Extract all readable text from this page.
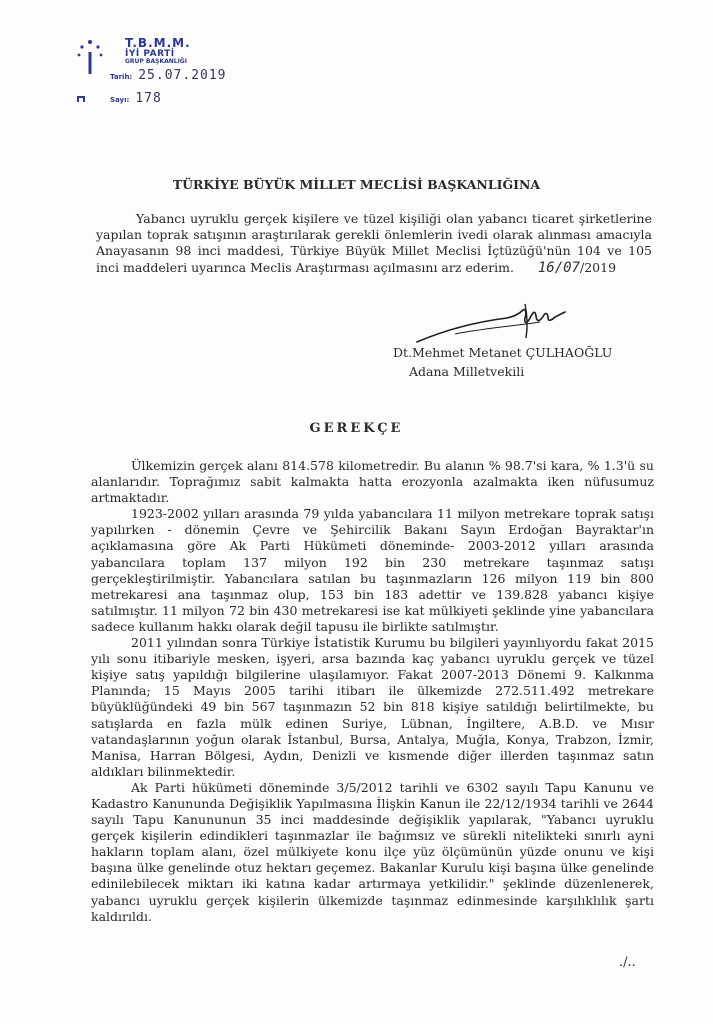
T.B.M.M.
İYİ PARTİ
GRUP BAŞKANLIĞI
Tarih: 25.07.2019
Sayı: 178
TÜRKİYE BÜYÜK MİLLET MECLİSİ BAŞKANLIĞINA

Yabancı uyruklu gerçek kişilere ve tüzel kişiliği olan yabancı ticaret şirketlerine yapılan toprak satışının araştırılarak gerekli önlemlerin ivedi olarak alınması amacıyla Anayasanın 98 inci maddesi, Türkiye Büyük Millet Meclisi İçtüzüğü'nün 104 ve 105 inci maddeleri uyarınca Meclis Araştırması açılmasını arz ederim. 16/07/2019

Dt.Mehmet Metanet ÇULHAOĞLU
Adana Milletvekili
GEREKÇE

Ülkemizin gerçek alanı 814.578 kilometredir. Bu alanın % 98.7'si kara, % 1.3'ü su alanlarıdır. Toprağımız sabit kalmakta hatta erozyonla azalmakta iken nüfusumuz artmaktadır.

1923-2002 yılları arasında 79 yılda yabancılara 11 milyon metrekare toprak satışı yapılırken - dönemin Çevre ve Şehircilik Bakanı Sayın Erdoğan Bayraktar'ın açıklamasına göre Ak Parti Hükümeti döneminde- 2003-2012 yılları arasında yabancılara toplam 137 milyon 192 bin 230 metrekare taşınmaz satışı gerçekleştirilmiştir. Yabancılara satılan bu taşınmazların 126 milyon 119 bin 800 metrekaresi ana taşınmaz olup, 153 bin 183 adettir ve 139.828 yabancı kişiye satılmıştır. 11 milyon 72 bin 430 metrekaresi ise kat mülkiyeti şeklinde yine yabancılara sadece kullanım hakkı olarak değil tapusu ile birlikte satılmıştır.

2011 yılından sonra Türkiye İstatistik Kurumu bu bilgileri yayınlıyordu fakat 2015 yılı sonu itibariyle mesken, işyeri, arsa bazında kaç yabancı uyruklu gerçek ve tüzel kişiye satış yapıldığı bilgilerine ulaşılamıyor. Fakat 2007-2013 Dönemi 9. Kalkınma Planında; 15 Mayıs 2005 tarihi itibarı ile ülkemizde 272.511.492 metrekare büyüklüğündeki 49 bin 567 taşınmazın 52 bin 818 kişiye satıldığı belirtilmekte, bu satışlarda en fazla mülk edinen Suriye, Lübnan, İngiltere, A.B.D. ve Mısır vatandaşlarının yoğun olarak İstanbul, Bursa, Antalya, Muğla, Konya, Trabzon, İzmir, Manisa, Harran Bölgesi, Aydın, Denizli ve kısmende diğer illerden taşınmaz satın aldıkları bilinmektedir.

Ak Parti hükümeti döneminde 3/5/2012 tarihli ve 6302 sayılı Tapu Kanunu ve Kadastro Kanununda Değişiklik Yapılmasına İlişkin Kanun ile 22/12/1934 tarihli ve 2644 sayılı Tapu Kanununun 35 inci maddesinde değişiklik yapılarak, "Yabancı uyruklu gerçek kişilerin edindikleri taşınmazlar ile bağımsız ve sürekli nitelikteki sınırlı ayni hakların toplam alanı, özel mülkiyete konu ilçe yüz ölçümünün yüzde onunu ve kişi başına ülke genelinde otuz hektarı geçemez. Bakanlar Kurulu kişi başına ülke genelinde edinilebilecek miktarı iki katına kadar artırmaya yetkilidir." şeklinde düzenlenerek, yabancı uyruklu gerçek kişilerin ülkemizde taşınmaz edinmesinde karşılıklılık şartı kaldırıldı.

./..
